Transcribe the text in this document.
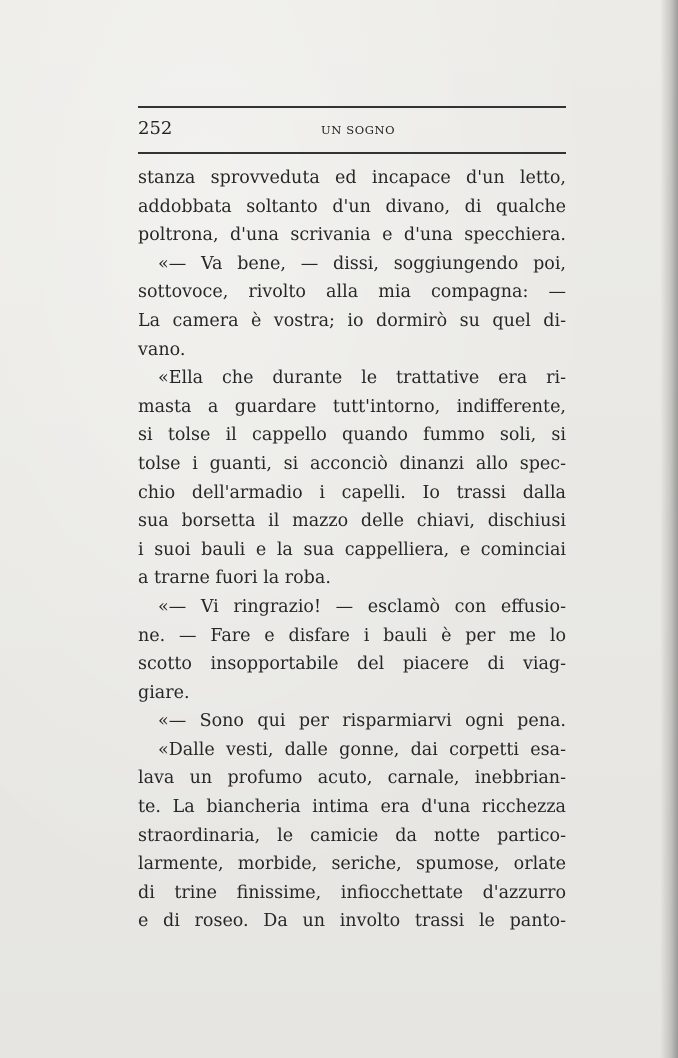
252	UN SOGNO
stanza sprovveduta ed incapace d'un letto,
addobbata soltanto d'un divano, di qualche
poltrona, d'una scrivania e d'una specchiera.
«— Va bene, — dissi, soggiungendo poi,
sottovoce, rivolto alla mia compagna: —
La camera è vostra; io dormirò su quel di-
vano.
«Ella che durante le trattative era ri-
masta a guardare tutt'intorno, indifferente,
si tolse il cappello quando fummo soli, si
tolse i guanti, si acconciò dinanzi allo spec-
chio dell'armadio i capelli. Io trassi dalla
sua borsetta il mazzo delle chiavi, dischiusi
i suoi bauli e la sua cappelliera, e cominciai
a trarne fuori la roba.
«— Vi ringrazio! — esclamò con effusio-
ne. — Fare e disfare i bauli è per me lo
scotto insopportabile del piacere di viag-
giare.
«— Sono qui per risparmiarvi ogni pena.
«Dalle vesti, dalle gonne, dai corpetti esa-
lava un profumo acuto, carnale, inebbrian-
te. La biancheria intima era d'una ricchezza
straordinaria, le camicie da notte partico-
larmente, morbide, seriche, spumose, orlate
di trine finissime, infiocchettate d'azzurro
e di roseo. Da un involto trassi le panto-
